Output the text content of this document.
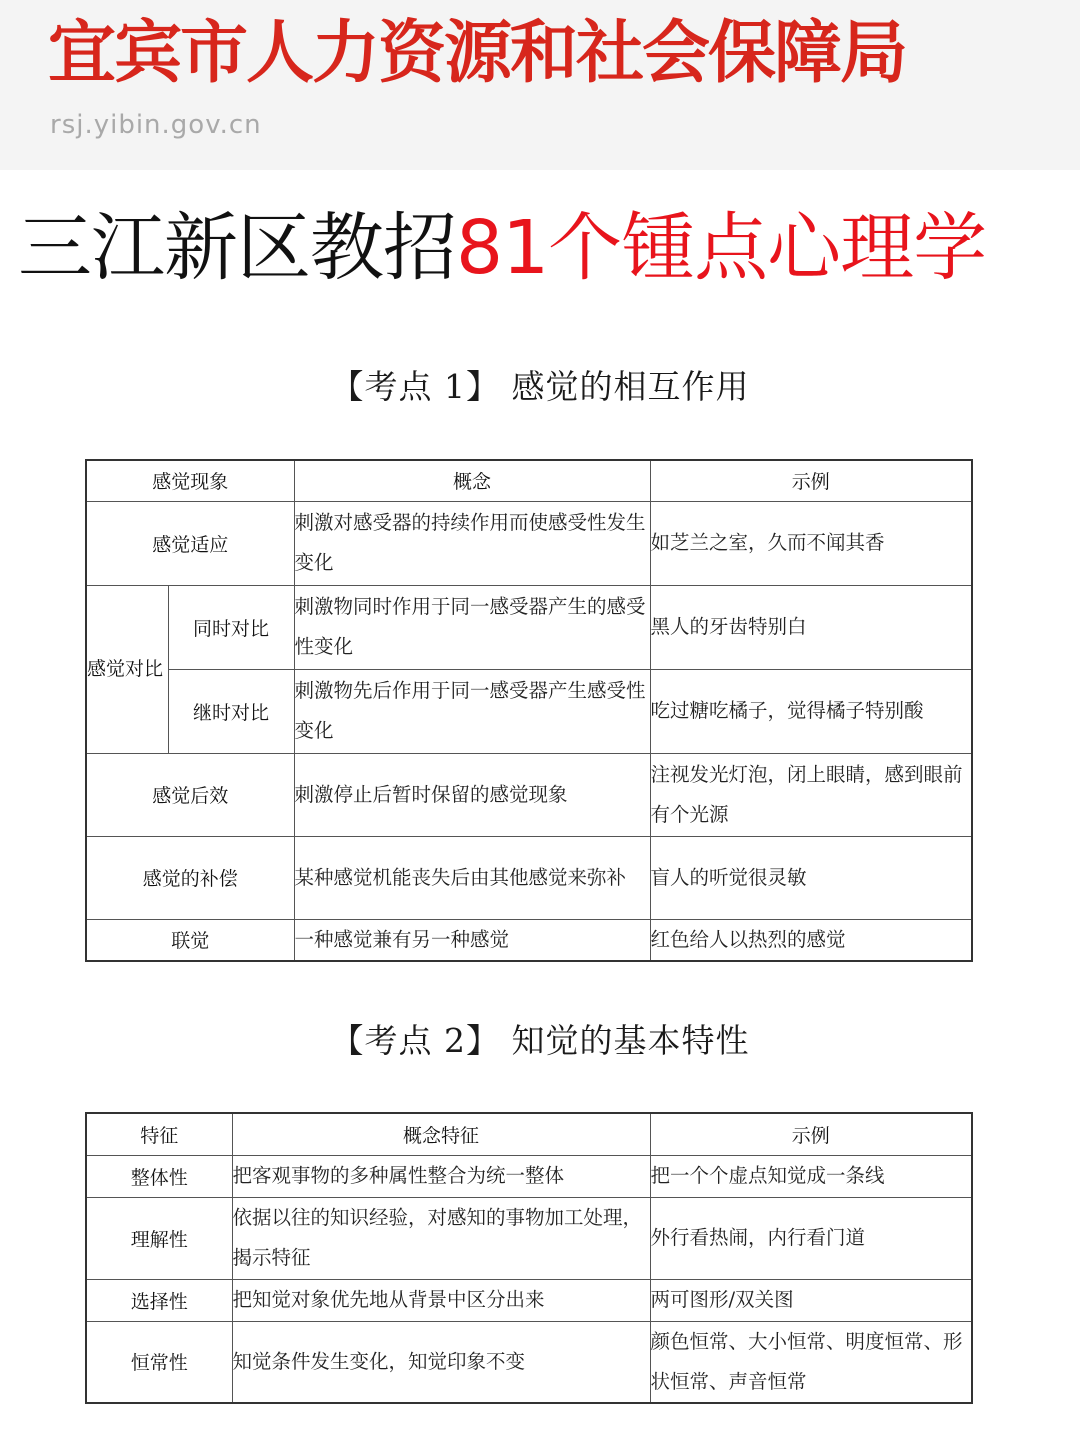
宜宾市人力资源和社会保障局
rsj.yibin.gov.cn
三江新区教招81个锺点心理学
【考点 1】 感觉的相互作用
感觉现象		概念	示例
感觉适应		刺激对感受器的持续作用而使感受性发生变化	如芝兰之室，久而不闻其香
感觉对比	同时对比	刺激物同时作用于同一感受器产生的感受性变化	黑人的牙齿特别白
	继时对比	刺激物先后作用于同一感受器产生感受性变化	吃过糖吃橘子，觉得橘子特别酸
感觉后效		刺激停止后暂时保留的感觉现象	注视发光灯泡，闭上眼睛，感到眼前有个光源
感觉的补偿		某种感觉机能丧失后由其他感觉来弥补	盲人的听觉很灵敏
联觉		一种感觉兼有另一种感觉	红色给人以热烈的感觉
【考点 2】 知觉的基本特性
特征	概念特征	示例
整体性	把客观事物的多种属性整合为统一整体	把一个个虚点知觉成一条线
理解性	依据以往的知识经验，对感知的事物加工处理，揭示特征	外行看热闹，内行看门道
选择性	把知觉对象优先地从背景中区分出来	两可图形/双关图
恒常性	知觉条件发生变化，知觉印象不变	颜色恒常、大小恒常、明度恒常、形状恒常、声音恒常
